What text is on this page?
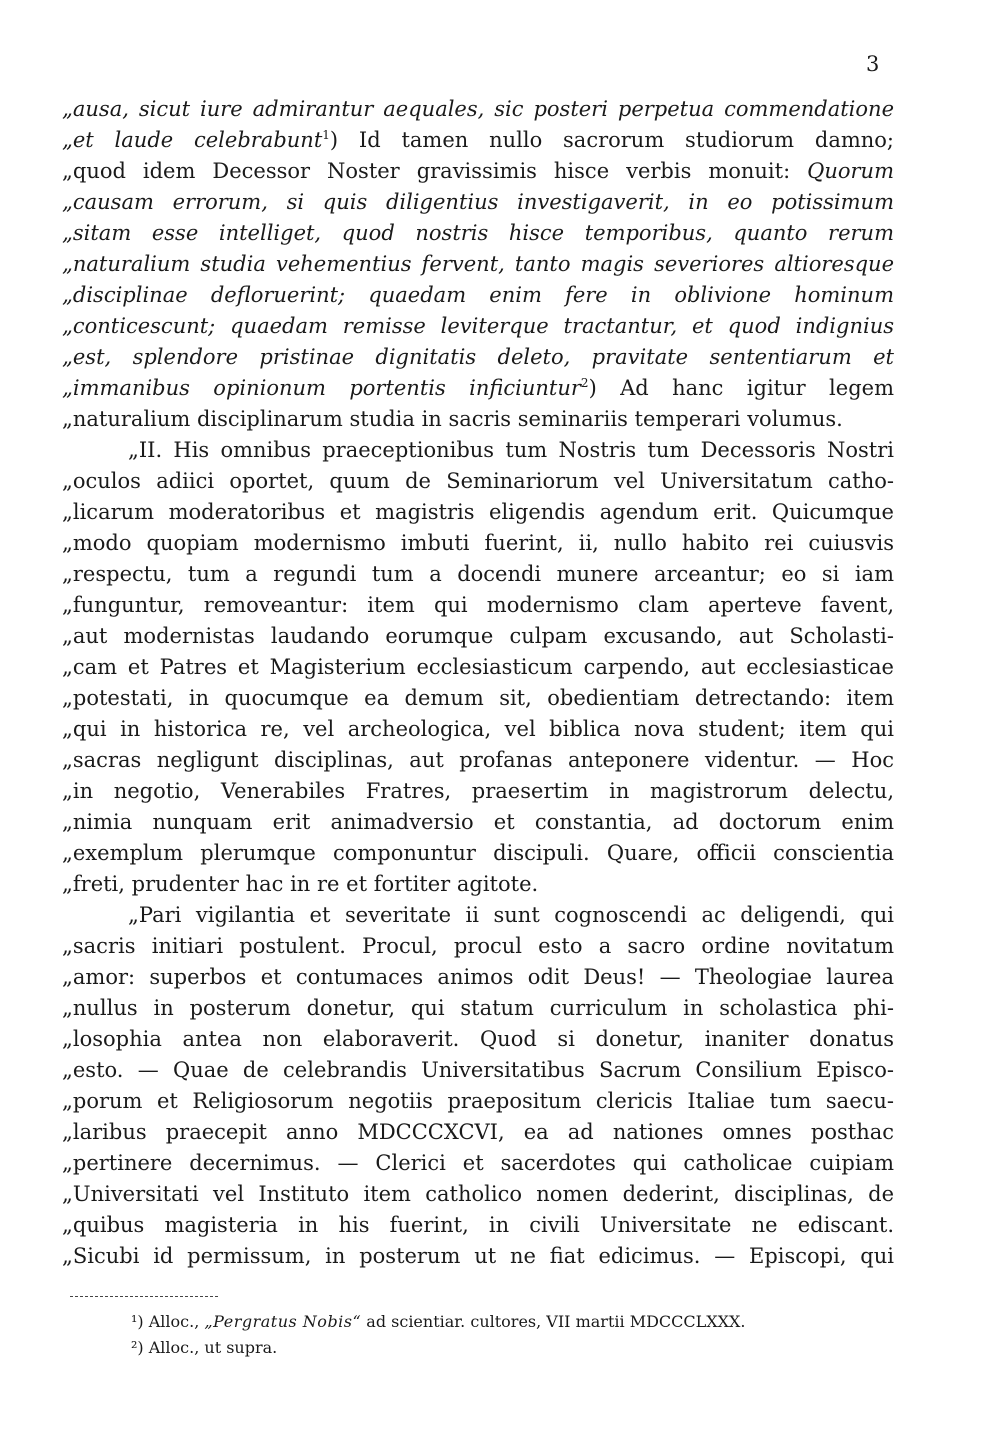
3
„ausa, sicut iure admirantur aequales, sic posteri perpetua commendatione
„et laude celebrabunt$^1$) Id tamen nullo sacrorum studiorum damno;
„quod idem Decessor Noster gravissimis hisce verbis monuit: Quorum
„causam errorum, si quis diligentius investigaverit, in eo potissimum
„sitam esse intelliget, quod nostris hisce temporibus, quanto rerum
„naturalium studia vehementius fervent, tanto magis severiores altioresque
„disciplinae defloruerint; quaedam enim fere in oblivione hominum
„conticescunt; quaedam remisse leviterque tractantur, et quod indignius
„est, splendore pristinae dignitatis deleto, pravitate sententiarum et
„immanibus opinionum portentis inficiuntur$^2$) Ad hanc igitur legem
„naturalium disciplinarum studia in sacris seminariis temperari volumus.
„II. His omnibus praeceptionibus tum Nostris tum Decessoris Nostri
„oculos adiici oportet, quum de Seminariorum vel Universitatum catho-
„licarum moderatoribus et magistris eligendis agendum erit. Quicumque
„modo quopiam modernismo imbuti fuerint, ii, nullo habito rei cuiusvis
„respectu, tum a regundi tum a docendi munere arceantur; eo si iam
„funguntur, removeantur: item qui modernismo clam aperteve favent,
„aut modernistas laudando eorumque culpam excusando, aut Scholasti-
„cam et Patres et Magisterium ecclesiasticum carpendo, aut ecclesiasticae
„potestati, in quocumque ea demum sit, obedientiam detrectando: item
„qui in historica re, vel archeologica, vel biblica nova student; item qui
„sacras negligunt disciplinas, aut profanas anteponere videntur. — Hoc
„in negotio, Venerabiles Fratres, praesertim in magistrorum delectu,
„nimia nunquam erit animadversio et constantia, ad doctorum enim
„exemplum plerumque componuntur discipuli. Quare, officii conscientia
„freti, prudenter hac in re et fortiter agitote.
„Pari vigilantia et severitate ii sunt cognoscendi ac deligendi, qui
„sacris initiari postulent. Procul, procul esto a sacro ordine novitatum
„amor: superbos et contumaces animos odit Deus! — Theologiae laurea
„nullus in posterum donetur, qui statum curriculum in scholastica phi-
„losophia antea non elaboraverit. Quod si donetur, inaniter donatus
„esto. — Quae de celebrandis Universitatibus Sacrum Consilium Episco-
„porum et Religiosorum negotiis praepositum clericis Italiae tum saecu-
„laribus praecepit anno MDCCCXCVI, ea ad nationes omnes posthac
„pertinere decernimus. — Clerici et sacerdotes qui catholicae cuipiam
„Universitati vel Instituto item catholico nomen dederint, disciplinas, de
„quibus magisteria in his fuerint, in civili Universitate ne ediscant.
„Sicubi id permissum, in posterum ut ne fiat edicimus. — Episcopi, qui
¹) Alloc., „Pergratus Nobis“ ad scientiar. cultores, VII martii MDCCCLXXX.
²) Alloc., ut supra.
